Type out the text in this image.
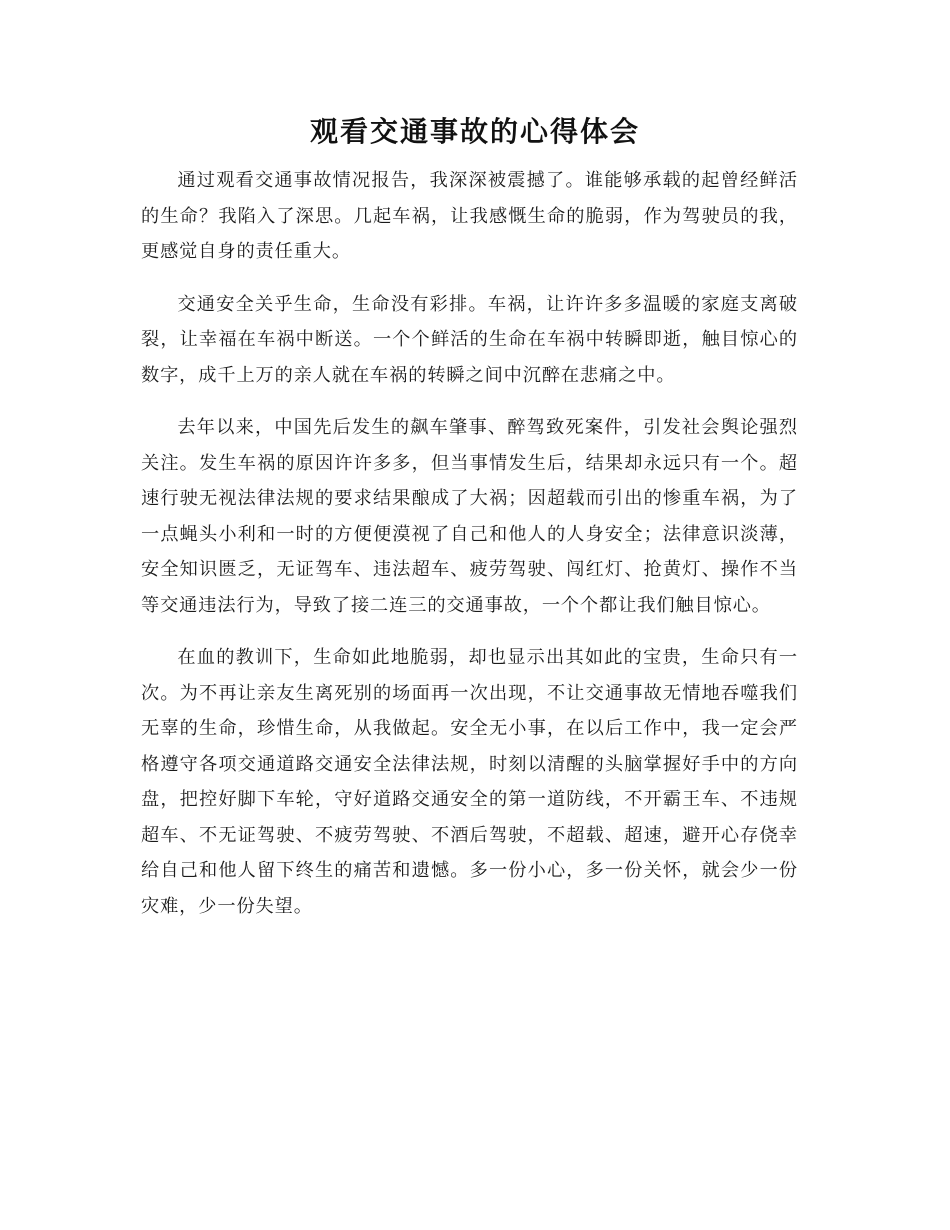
观看交通事故的心得体会

通过观看交通事故情况报告，我深深被震撼了。谁能够承载的起曾经鲜活的生命？我陷入了深思。几起车祸，让我感慨生命的脆弱，作为驾驶员的我，更感觉自身的责任重大。

交通安全关乎生命，生命没有彩排。车祸，让许许多多温暖的家庭支离破裂，让幸福在车祸中断送。一个个鲜活的生命在车祸中转瞬即逝，触目惊心的数字，成千上万的亲人就在车祸的转瞬之间中沉醉在悲痛之中。

去年以来，中国先后发生的飙车肇事、醉驾致死案件，引发社会舆论强烈关注。发生车祸的原因许许多多，但当事情发生后，结果却永远只有一个。超速行驶无视法律法规的要求结果酿成了大祸；因超载而引出的惨重车祸，为了一点蝇头小利和一时的方便便漠视了自己和他人的人身安全；法律意识淡薄，安全知识匮乏，无证驾车、违法超车、疲劳驾驶、闯红灯、抢黄灯、操作不当等交通违法行为，导致了接二连三的交通事故，一个个都让我们触目惊心。

在血的教训下，生命如此地脆弱，却也显示出其如此的宝贵，生命只有一次。为不再让亲友生离死别的场面再一次出现，不让交通事故无情地吞噬我们无辜的生命，珍惜生命，从我做起。安全无小事，在以后工作中，我一定会严格遵守各项交通道路交通安全法律法规，时刻以清醒的头脑掌握好手中的方向盘，把控好脚下车轮，守好道路交通安全的第一道防线，不开霸王车、不违规超车、不无证驾驶、不疲劳驾驶、不酒后驾驶，不超载、超速，避开心存侥幸给自己和他人留下终生的痛苦和遗憾。多一份小心，多一份关怀，就会少一份灾难，少一份失望。
